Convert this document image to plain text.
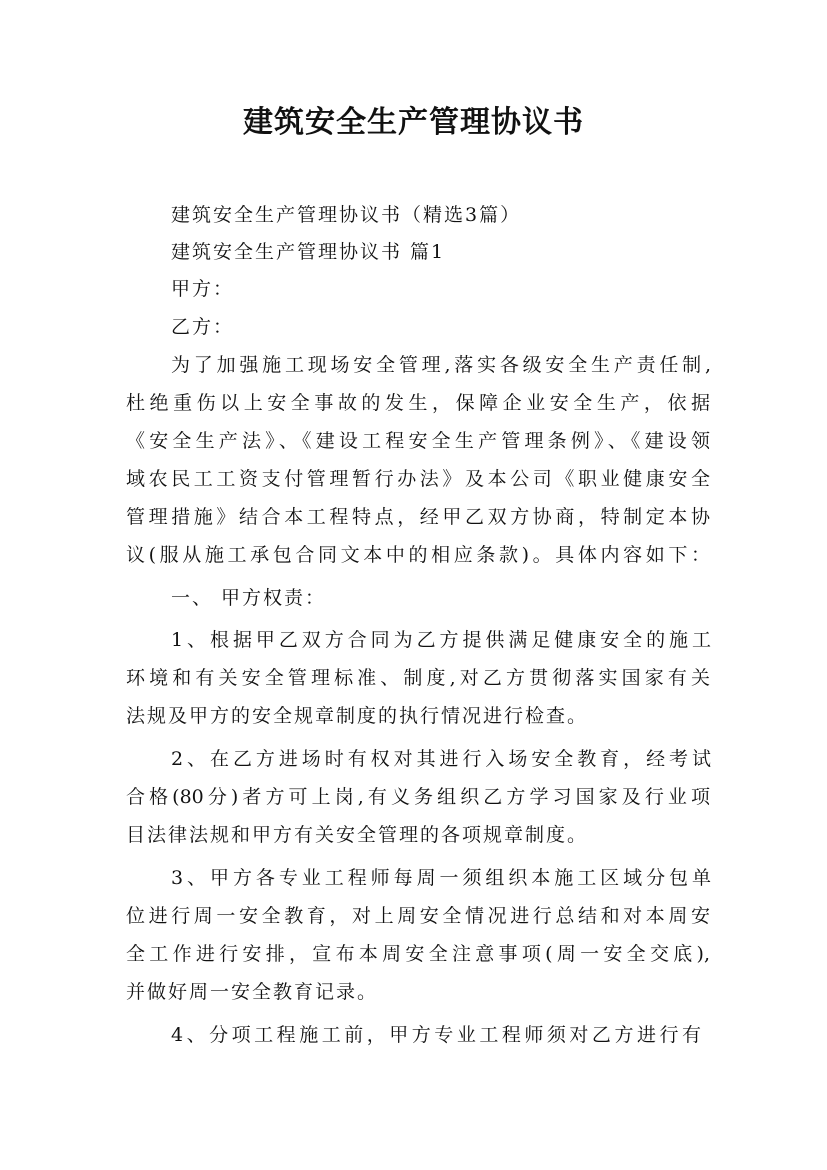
建筑安全生产管理协议书
建筑安全生产管理协议书（精选3篇）
建筑安全生产管理协议书 篇1
甲方：
乙方：
为了加强施工现场安全管理,落实各级安全生产责任制,
杜绝重伤以上安全事故的发生，保障企业安全生产，依据
《安全生产法》、《建设工程安全生产管理条例》、《建设领
域农民工工资支付管理暂行办法》及本公司《职业健康安全
管理措施》结合本工程特点，经甲乙双方协商，特制定本协
议(服从施工承包合同文本中的相应条款)。具体内容如下：
一、 甲方权责：
1、根据甲乙双方合同为乙方提供满足健康安全的施工
环境和有关安全管理标准、制度,对乙方贯彻落实国家有关
法规及甲方的安全规章制度的执行情况进行检查。
2、在乙方进场时有权对其进行入场安全教育，经考试
合格(80分)者方可上岗,有义务组织乙方学习国家及行业项
目法律法规和甲方有关安全管理的各项规章制度。
3、甲方各专业工程师每周一须组织本施工区域分包单
位进行周一安全教育，对上周安全情况进行总结和对本周安
全工作进行安排，宣布本周安全注意事项(周一安全交底),
并做好周一安全教育记录。
4、分项工程施工前，甲方专业工程师须对乙方进行有
